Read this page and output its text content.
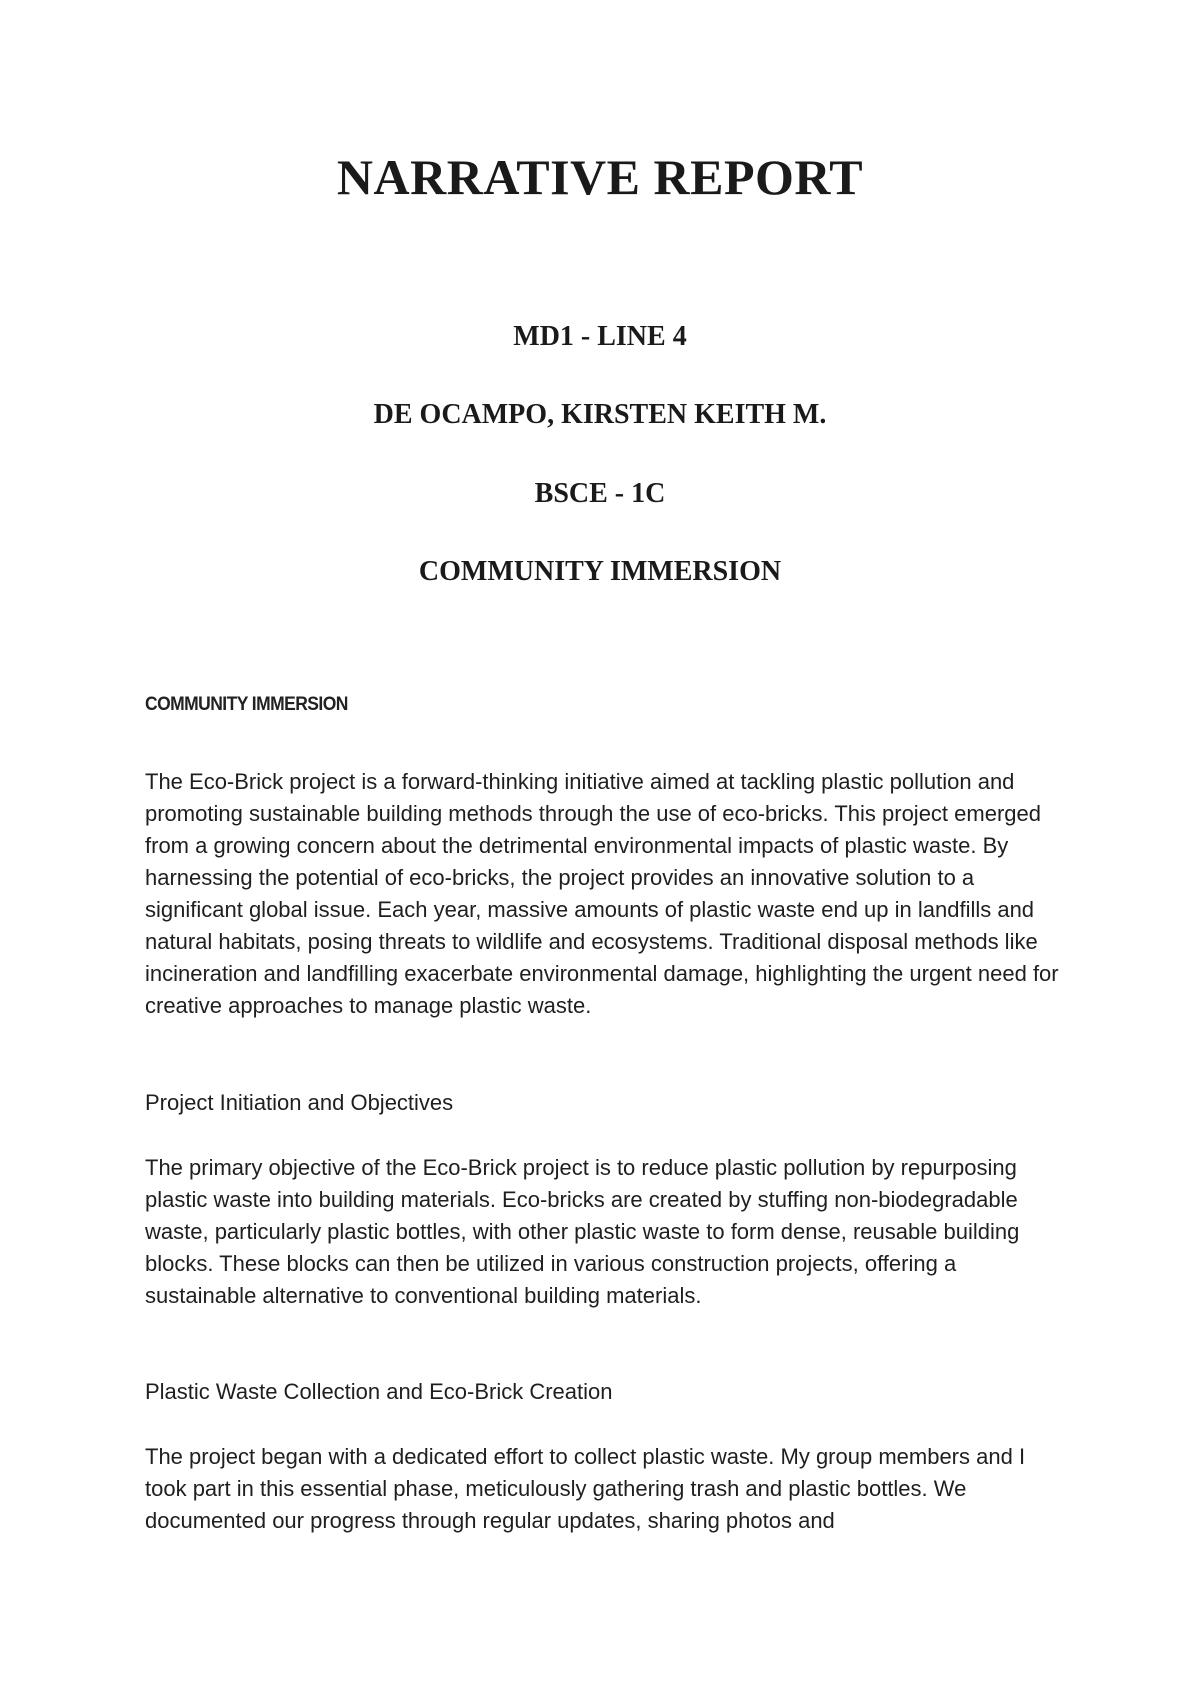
NARRATIVE REPORT

MD1 - LINE 4

DE OCAMPO, KIRSTEN KEITH M.

BSCE - 1C

COMMUNITY IMMERSION

COMMUNITY IMMERSION

The Eco-Brick project is a forward-thinking initiative aimed at tackling plastic pollution and promoting sustainable building methods through the use of eco-bricks. This project emerged from a growing concern about the detrimental environmental impacts of plastic waste. By harnessing the potential of eco-bricks, the project provides an innovative solution to a significant global issue. Each year, massive amounts of plastic waste end up in landfills and natural habitats, posing threats to wildlife and ecosystems. Traditional disposal methods like incineration and landfilling exacerbate environmental damage, highlighting the urgent need for creative approaches to manage plastic waste.

Project Initiation and Objectives

The primary objective of the Eco-Brick project is to reduce plastic pollution by repurposing plastic waste into building materials. Eco-bricks are created by stuffing non-biodegradable waste, particularly plastic bottles, with other plastic waste to form dense, reusable building blocks. These blocks can then be utilized in various construction projects, offering a sustainable alternative to conventional building materials.

Plastic Waste Collection and Eco-Brick Creation

The project began with a dedicated effort to collect plastic waste. My group members and I took part in this essential phase, meticulously gathering trash and plastic bottles. We documented our progress through regular updates, sharing photos and
